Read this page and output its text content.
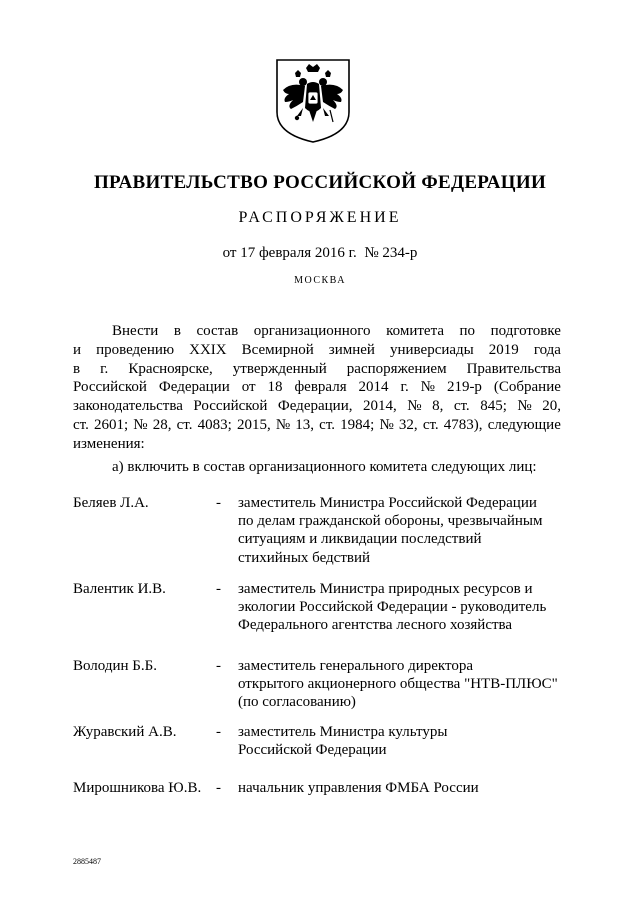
ПРАВИТЕЛЬСТВО РОССИЙСКОЙ ФЕДЕРАЦИИ
РАСПОРЯЖЕНИЕ
от 17 февраля 2016 г. № 234-р
МОСКВА
Внести в состав организационного комитета по подготовке
и проведению XXIX Всемирной зимней универсиады 2019 года
в г. Красноярске, утвержденный распоряжением Правительства
Российской Федерации от 18 февраля 2014 г. № 219-р (Собрание
законодательства Российской Федерации, 2014, № 8, ст. 845; № 20,
ст. 2601; № 28, ст. 4083; 2015, № 13, ст. 1984; № 32, ст. 4783), следующие
изменения:
а) включить в состав организационного комитета следующих лиц:
Беляев Л.А.	- заместитель Министра Российской Федерации
по делам гражданской обороны, чрезвычайным
ситуациям и ликвидации последствий
стихийных бедствий
Валентик И.В.	- заместитель Министра природных ресурсов и
экологии Российской Федерации - руководитель
Федерального агентства лесного хозяйства
Володин Б.Б.	- заместитель генерального директора
открытого акционерного общества "НТВ-ПЛЮС"
(по согласованию)
Журавский А.В.	- заместитель Министра культуры
Российской Федерации
Мирошникова Ю.В. - начальник управления ФМБА России
2885487
